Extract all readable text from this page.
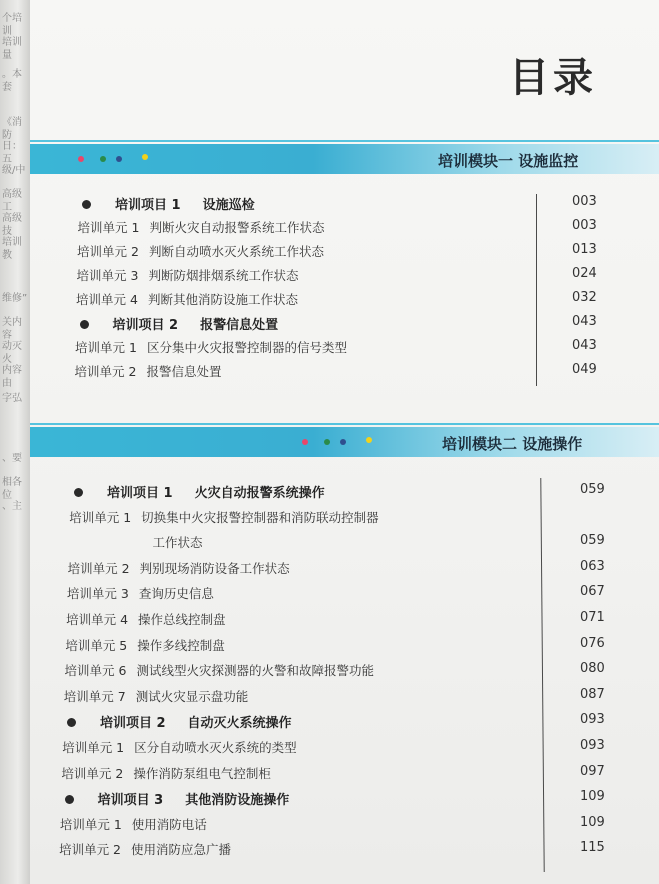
个培训
培训量
。本套
《消防
日：五
级/中
高级工
高级技
培训教
维修”
关内容
动灭火
内容由
字弘
、要
相各位
、主
目录
培训模块一 设施监控
培训模块二 设施操作
培训项目 1 设施巡检	003
培训单元 1 判断火灾自动报警系统工作状态	003
培训单元 2 判断自动喷水灭火系统工作状态	013
培训单元 3 判断防烟排烟系统工作状态	024
培训单元 4 判断其他消防设施工作状态	032
培训项目 2 报警信息处置	043
培训单元 1 区分集中火灾报警控制器的信号类型	043
培训单元 2 报警信息处置	049
培训项目 1 火灾自动报警系统操作	059
培训单元 1 切换集中火灾报警控制器和消防联动控制器
工作状态	059
培训单元 2 判别现场消防设备工作状态	063
培训单元 3 查询历史信息	067
培训单元 4 操作总线控制盘	071
培训单元 5 操作多线控制盘	076
培训单元 6 测试线型火灾探测器的火警和故障报警功能	080
培训单元 7 测试火灾显示盘功能	087
培训项目 2 自动灭火系统操作	093
培训单元 1 区分自动喷水灭火系统的类型	093
培训单元 2 操作消防泵组电气控制柜	097
培训项目 3 其他消防设施操作	109
培训单元 1 使用消防电话	109
培训单元 2 使用消防应急广播	115
